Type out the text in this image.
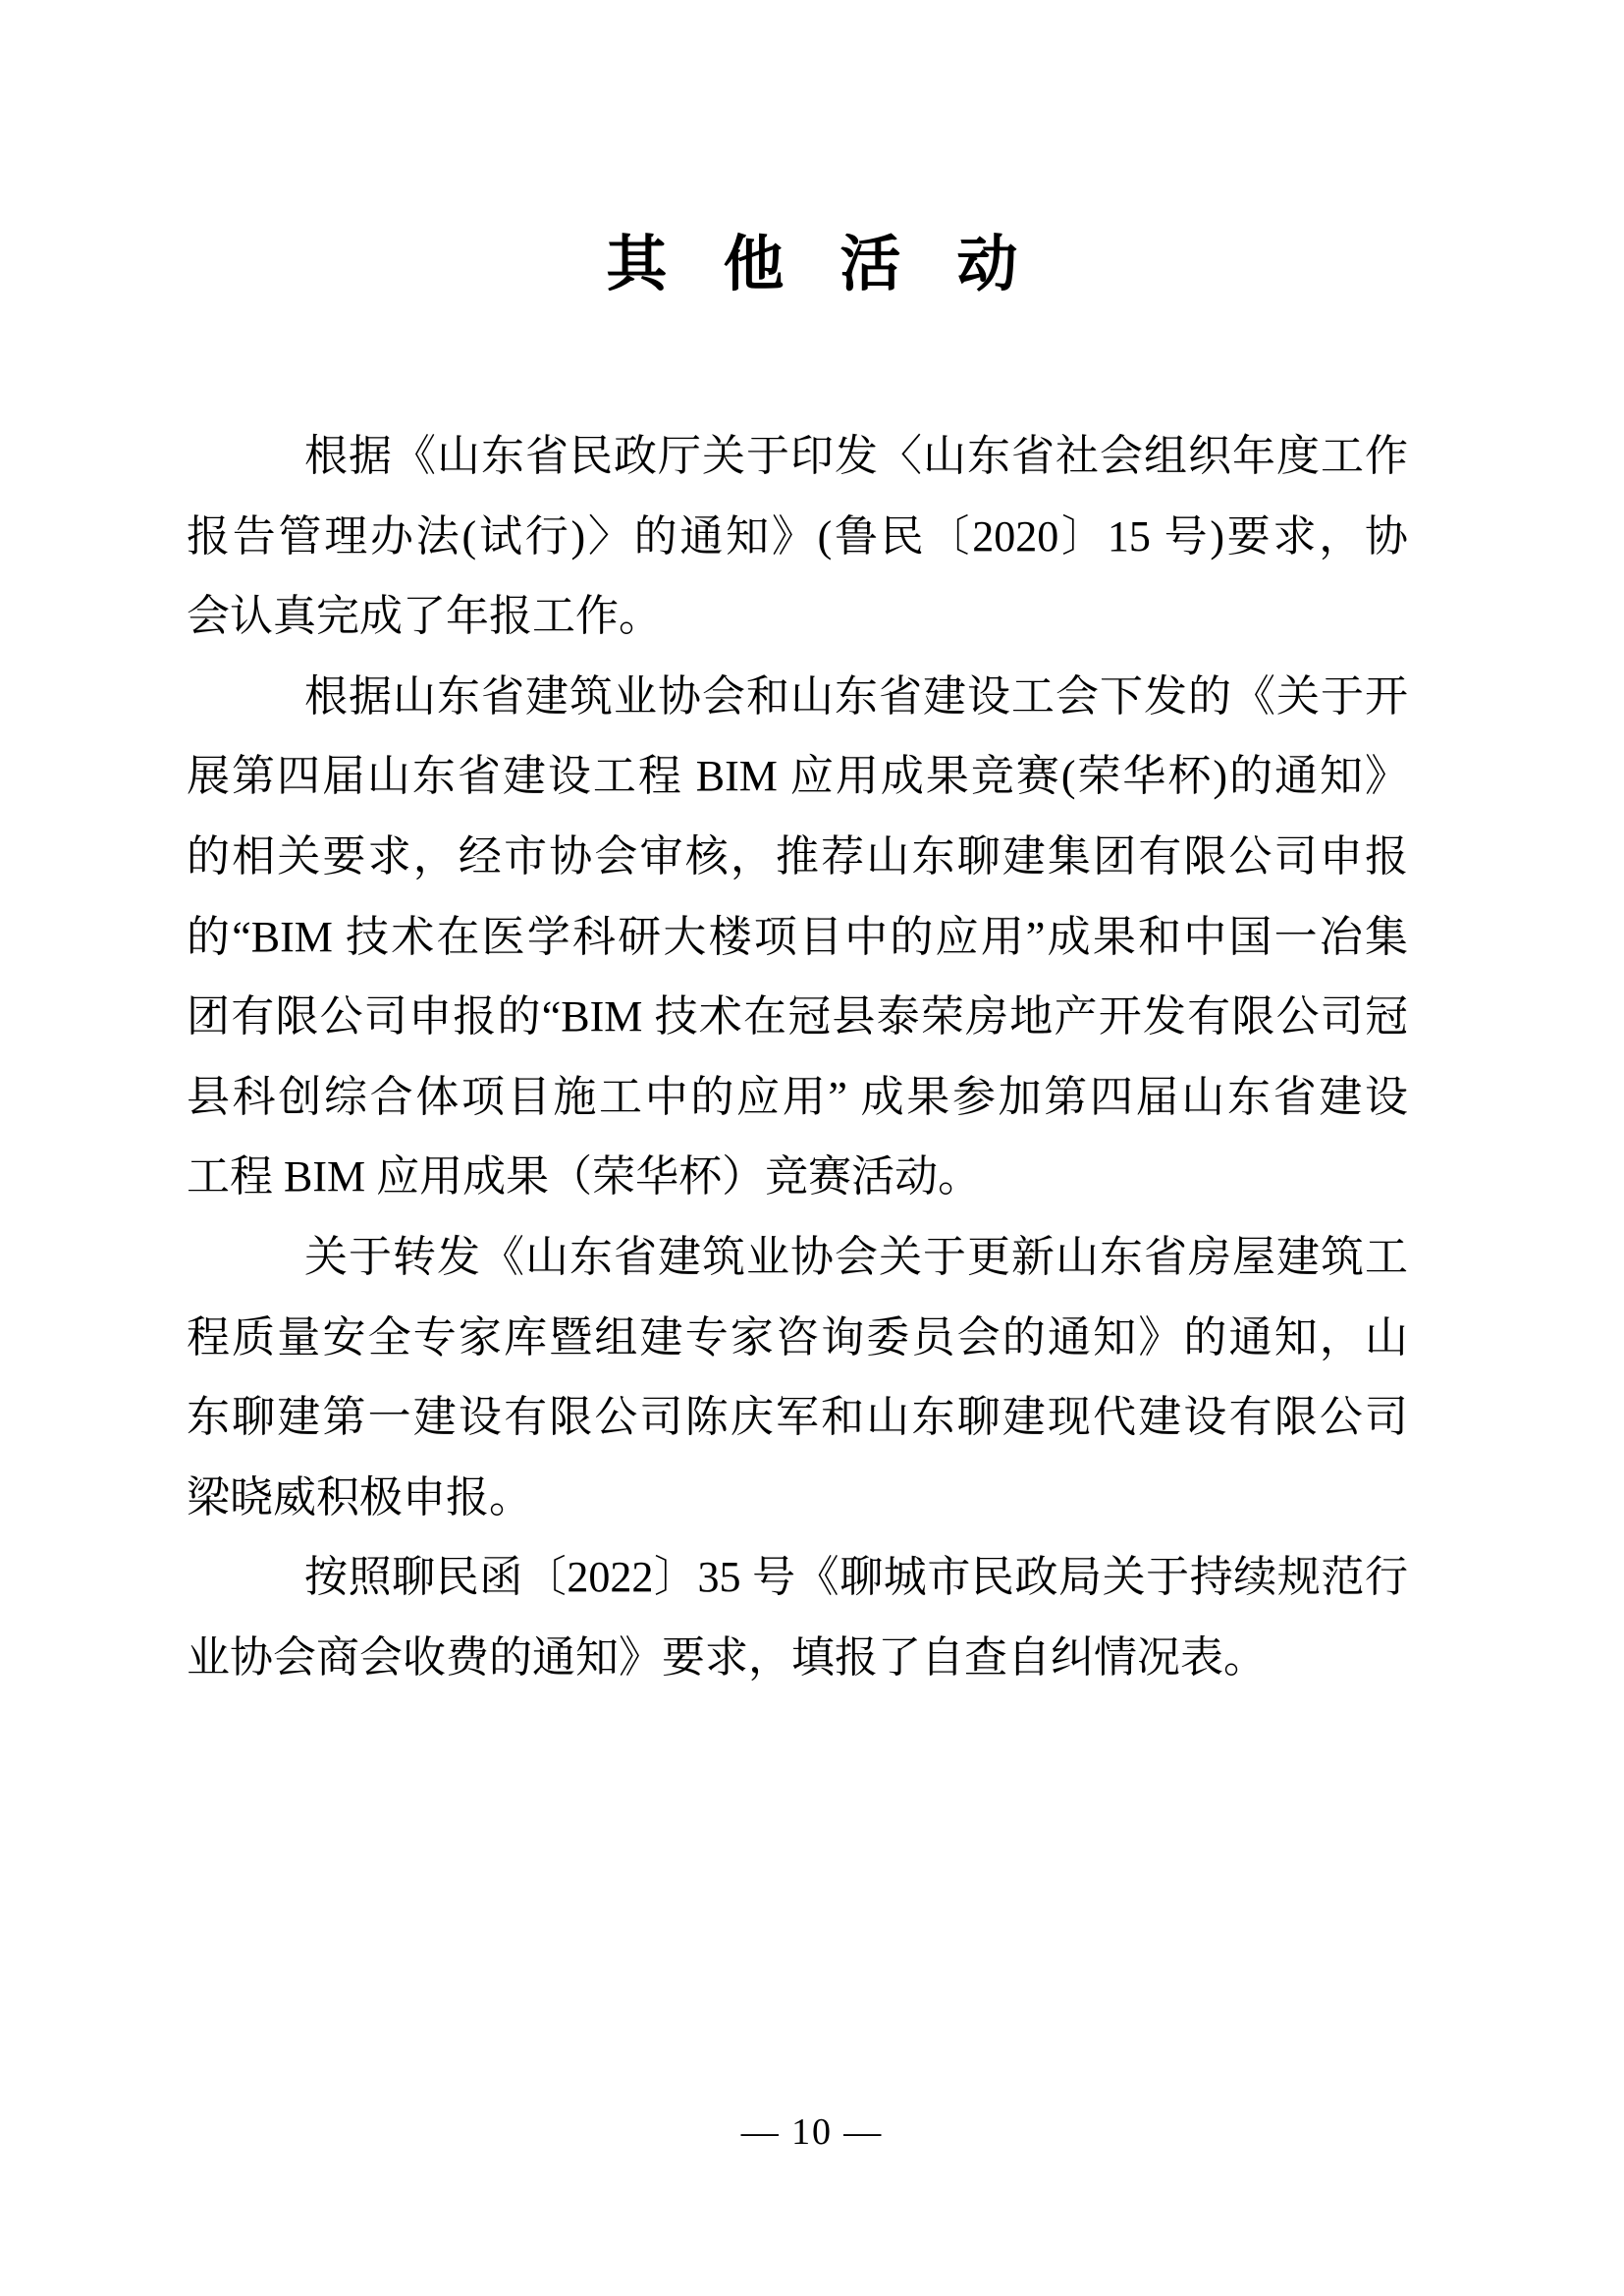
其他活动
根据《山东省民政厅关于印发〈山东省社会组织年度工作
报告管理办法(试行)〉的通知》(鲁民〔2020〕15 号)要求，协
会认真完成了年报工作。
根据山东省建筑业协会和山东省建设工会下发的《关于开
展第四届山东省建设工程 BIM 应用成果竞赛(荣华杯)的通知》
的相关要求，经市协会审核，推荐山东聊建集团有限公司申报
的“BIM 技术在医学科研大楼项目中的应用”成果和中国一冶集
团有限公司申报的“BIM 技术在冠县泰荣房地产开发有限公司冠
县科创综合体项目施工中的应用” 成果参加第四届山东省建设
工程 BIM 应用成果（荣华杯）竞赛活动。
关于转发《山东省建筑业协会关于更新山东省房屋建筑工
程质量安全专家库暨组建专家咨询委员会的通知》的通知，山
东聊建第一建设有限公司陈庆军和山东聊建现代建设有限公司
梁晓威积极申报。
按照聊民函〔2022〕35 号《聊城市民政局关于持续规范行
业协会商会收费的通知》要求，填报了自查自纠情况表。
— 10 —
